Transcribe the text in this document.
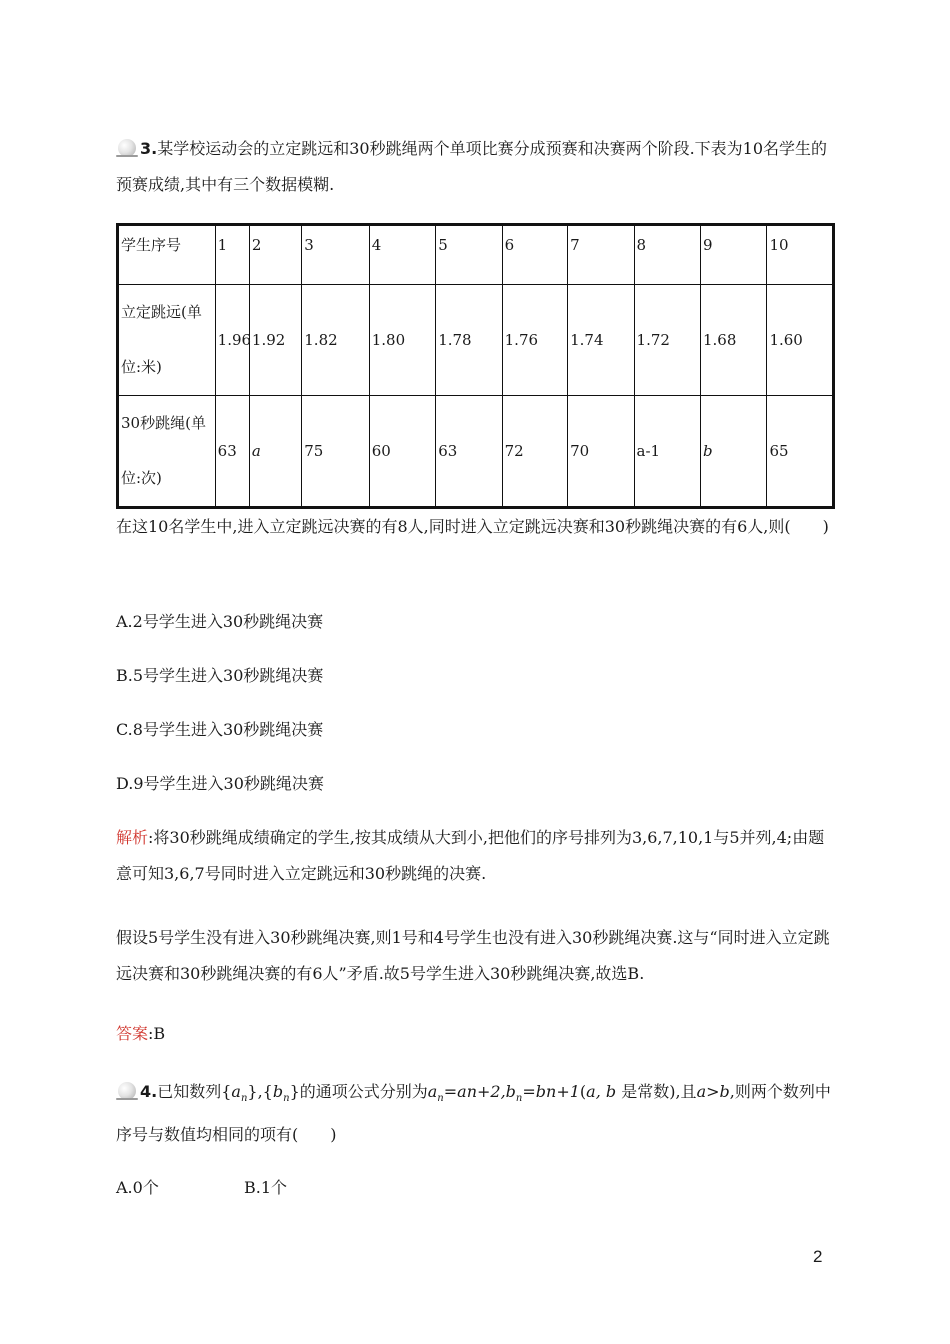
3.某学校运动会的立定跳远和30秒跳绳两个单项比赛分成预赛和决赛两个阶段.下表为10名学生的预赛成绩,其中有三个数据模糊.

学生序号	1	2	3	4	5	6	7	8	9	10
立定跳远(单位:米)	1.96	1.92	1.82	1.80	1.78	1.76	1.74	1.72	1.68	1.60
30秒跳绳(单位:次)	63	a	75	60	63	72	70	a-1	b	65

在这10名学生中,进入立定跳远决赛的有8人,同时进入立定跳远决赛和30秒跳绳决赛的有6人,则(　　)

A.2号学生进入30秒跳绳决赛

B.5号学生进入30秒跳绳决赛

C.8号学生进入30秒跳绳决赛

D.9号学生进入30秒跳绳决赛

解析:将30秒跳绳成绩确定的学生,按其成绩从大到小,把他们的序号排列为3,6,7,10,1与5并列,4;由题意可知3,6,7号同时进入立定跳远和30秒跳绳的决赛.

假设5号学生没有进入30秒跳绳决赛,则1号和4号学生也没有进入30秒跳绳决赛.这与“同时进入立定跳远决赛和30秒跳绳决赛的有6人”矛盾.故5号学生进入30秒跳绳决赛,故选B.

答案:B

4.已知数列$\{a_n\},\{b_n\}$的通项公式分别为$a_n=an+2,b_n=bn+1(a$, b 是常数),且a>b,则两个数列中序号与数值均相同的项有(　　)

A.0个	B.1个

2
